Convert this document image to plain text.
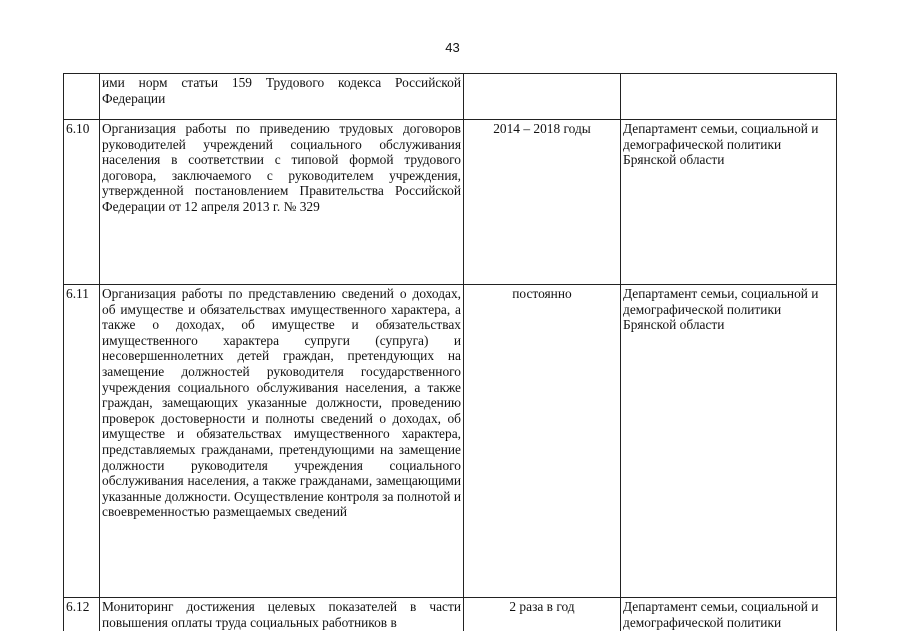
43
	ими норм статьи 159 Трудового кодекса Российской Федерации		
6.10	Организация работы по приведению трудовых договоров руководителей учреждений социального обслуживания населения в соответствии с типовой формой трудового договора, заключаемого с руководителем учреждения, утвержденной постановлением Правительства Российской Федерации от 12 апреля 2013 г. № 329	2014 – 2018 годы	Департамент семьи, социальной и демографической политики Брянской области
6.11	Организация работы по представлению сведений о доходах, об имуществе и обязательствах имущественного характера, а также о доходах, об имуществе и обязательствах имущественного характера супруги (супруга) и несовершеннолетних детей граждан, претендующих на замещение должностей руководителя государственного учреждения социального обслуживания населения, а также граждан, замещающих указанные должности, проведению проверок достоверности и полноты сведений о доходах, об имуществе и обязательствах имущественного характера, представляемых гражданами, претендующими на замещение должности руководителя учреждения социального обслуживания населения, а также гражданами, замещающими указанные должности. Осуществление контроля за полнотой и своевременностью размещаемых сведений	постоянно	Департамент семьи, социальной и демографической политики Брянской области
6.12	Мониторинг достижения целевых показателей в части повышения оплаты труда социальных работников в	2 раза в год	Департамент семьи, социальной и демографической политики
